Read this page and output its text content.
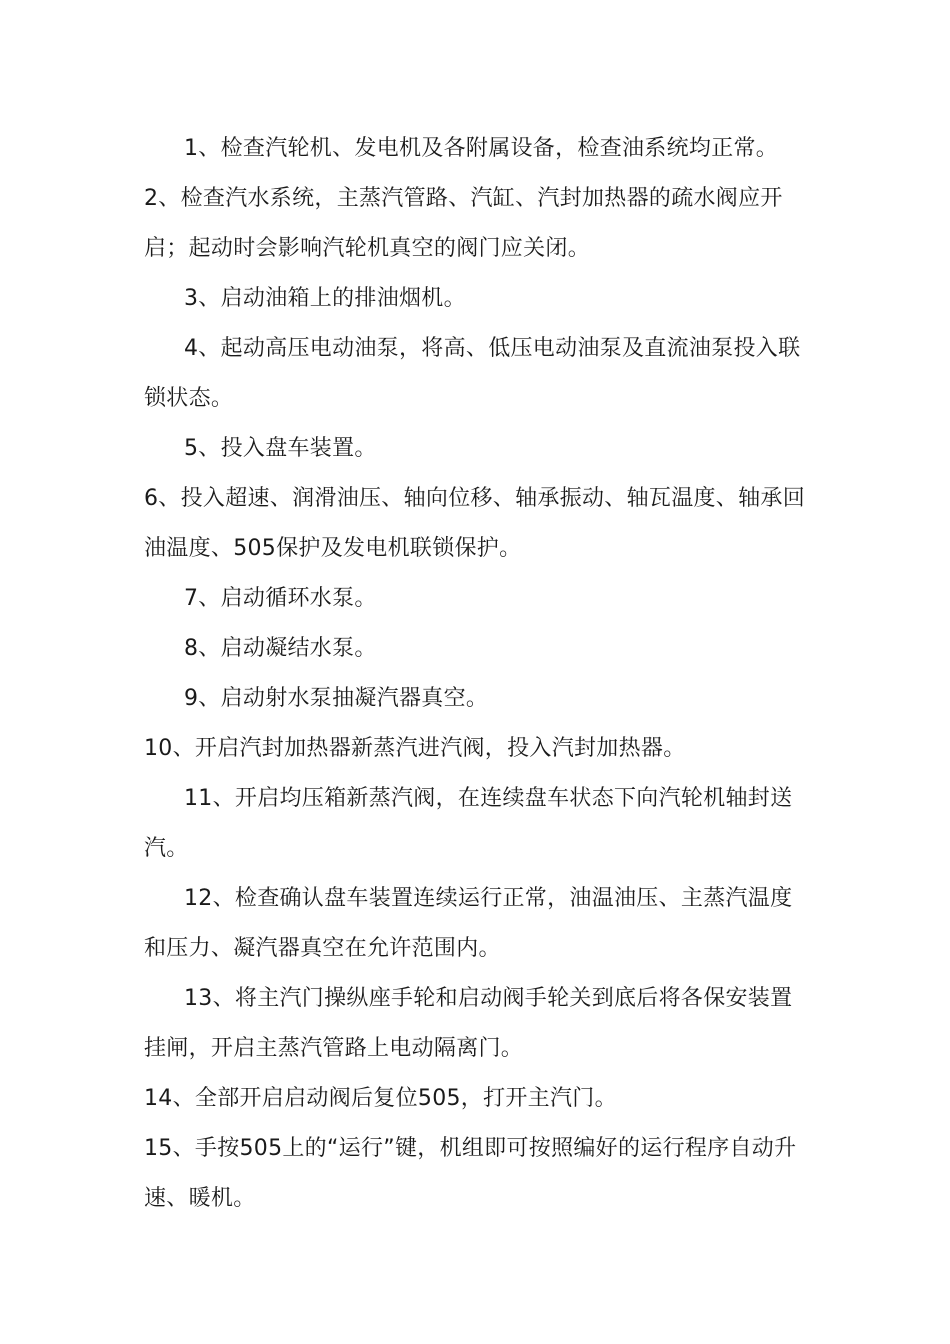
1、检查汽轮机、发电机及各附属设备，检查油系统均正常。

2、检查汽水系统，主蒸汽管路、汽缸、汽封加热器的疏水阀应开启；起动时会影响汽轮机真空的阀门应关闭。

3、启动油箱上的排油烟机。

4、起动高压电动油泵，将高、低压电动油泵及直流油泵投入联锁状态。

5、投入盘车装置。

6、投入超速、润滑油压、轴向位移、轴承振动、轴瓦温度、轴承回油温度、505保护及发电机联锁保护。

7、启动循环水泵。

8、启动凝结水泵。

9、启动射水泵抽凝汽器真空。

10、开启汽封加热器新蒸汽进汽阀，投入汽封加热器。

11、开启均压箱新蒸汽阀，在连续盘车状态下向汽轮机轴封送汽。

12、检查确认盘车装置连续运行正常，油温油压、主蒸汽温度和压力、凝汽器真空在允许范围内。

13、将主汽门操纵座手轮和启动阀手轮关到底后将各保安装置挂闸，开启主蒸汽管路上电动隔离门。

14、全部开启启动阀后复位505，打开主汽门。

15、手按505上的“运行”键，机组即可按照编好的运行程序自动升速、暖机。
